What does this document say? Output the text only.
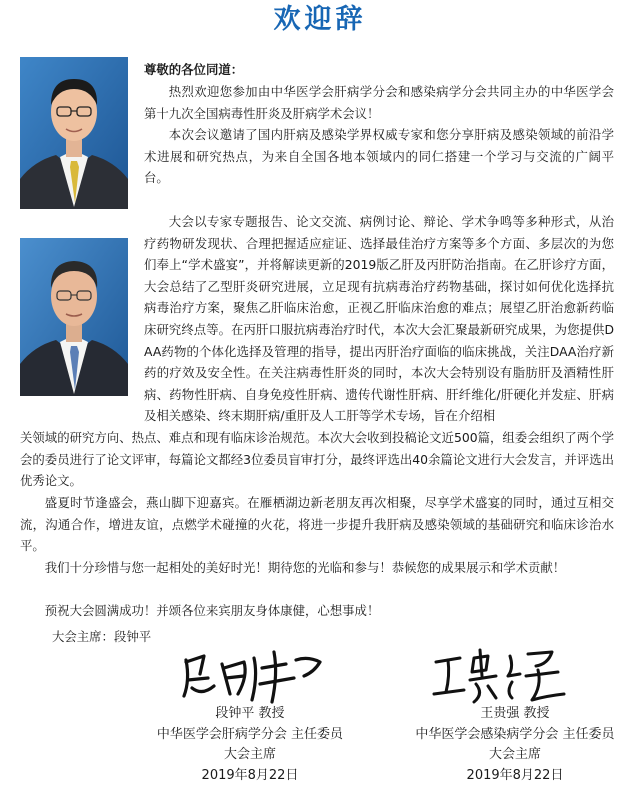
欢迎辞
尊敬的各位同道：
热烈欢迎您参加由中华医学会肝病学分会和感染病学分会共同主办的中华医学会第十九次全国病毒性肝炎及肝病学术会议！
本次会议邀请了国内肝病及感染学界权威专家和您分享肝病及感染领域的前沿学术进展和研究热点，为来自全国各地本领域内的同仁搭建一个学习与交流的广阔平台。
大会以专家专题报告、论文交流、病例讨论、辩论、学术争鸣等多种形式，从治疗药物研发现状、合理把握适应症证、选择最佳治疗方案等多个方面、多层次的为您们奉上“学术盛宴”，并将解读更新的2019版乙肝及丙肝防治指南。在乙肝诊疗方面，大会总结了乙型肝炎研究进展，立足现有抗病毒治疗药物基础，探讨如何优化选择抗病毒治疗方案，聚焦乙肝临床治愈，正视乙肝临床治愈的难点；展望乙肝治愈新药临床研究终点等。在丙肝口服抗病毒治疗时代，本次大会汇聚最新研究成果，为您提供DAA药物的个体化选择及管理的指导，提出丙肝治疗面临的临床挑战，关注DAA治疗新药的疗效及安全性。在关注病毒性肝炎的同时，本次大会特别设有脂肪肝及酒精性肝病、药物性肝病、自身免疫性肝病、遗传代谢性肝病、肝纤维化/肝硬化并发症、肝病及相关感染、终末期肝病/重肝及人工肝等学术专场，旨在介绍相
关领域的研究方向、热点、难点和现有临床诊治规范。本次大会收到投稿论文近500篇，组委会组织了两个学会的委员进行了论文评审，每篇论文都经3位委员盲审打分，最终评选出40余篇论文进行大会发言，并评选出优秀论文。
盛夏时节逢盛会，燕山脚下迎嘉宾。在雁栖湖边新老朋友再次相聚，尽享学术盛宴的同时，通过互相交流，沟通合作，增进友谊，点燃学术碰撞的火花，将进一步提升我肝病及感染领域的基础研究和临床诊治水平。
我们十分珍惜与您一起相处的美好时光！期待您的光临和参与！恭候您的成果展示和学术贡献！
预祝大会圆满成功！并颂各位来宾朋友身体康健，心想事成！
大会主席：段钟平
段钟平 教授
中华医学会肝病学分会 主任委员
大会主席
2019年8月22日
王贵强 教授
中华医学会感染病学分会 主任委员
大会主席
2019年8月22日
